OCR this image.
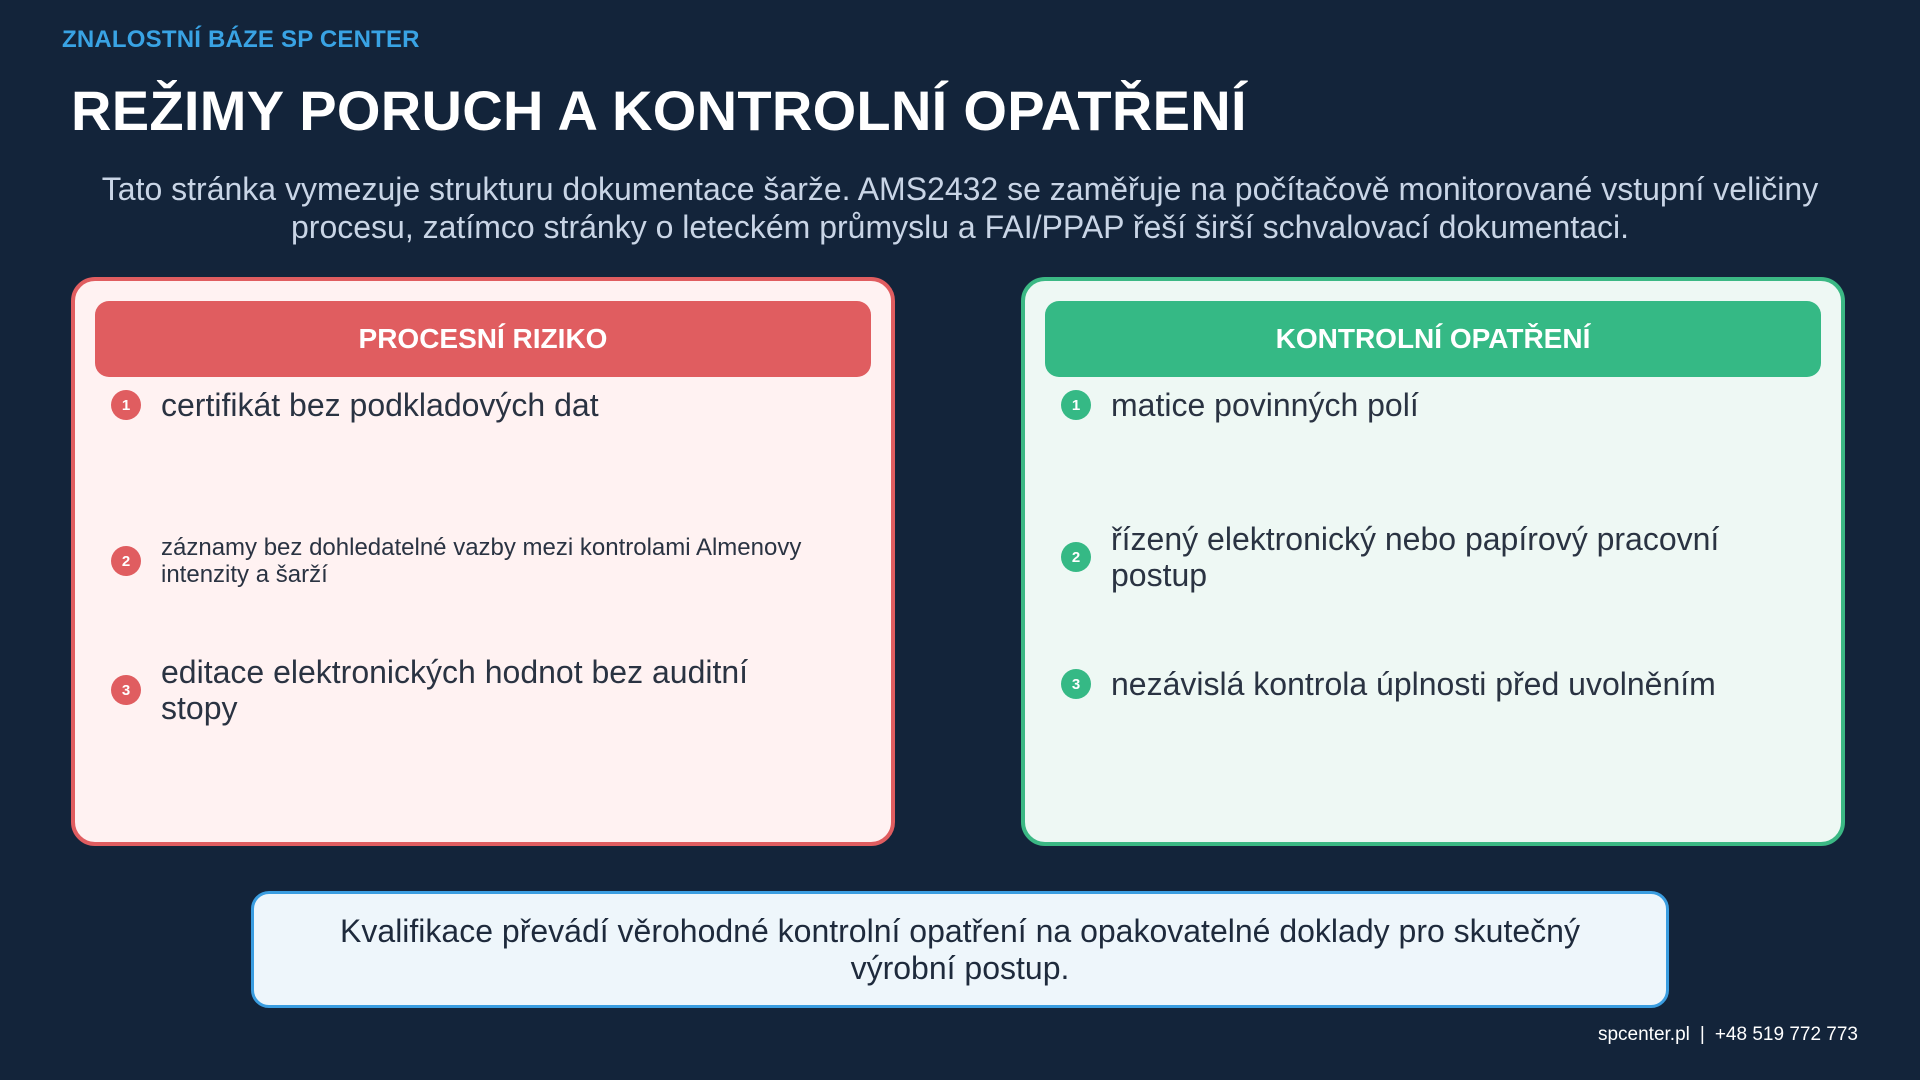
ZNALOSTNÍ BÁZE SP CENTER
REŽIMY PORUCH A KONTROLNÍ OPATŘENÍ
Tato stránka vymezuje strukturu dokumentace šarže. AMS2432 se zaměřuje na počítačově monitorované vstupní veličiny procesu, zatímco stránky o leteckém průmyslu a FAI/PPAP řeší širší schvalovací dokumentaci.
PROCESNÍ RIZIKO
1 certifikát bez podkladových dat
2	záznamy bez dohledatelné vazby mezi kontrolami Almenovy intenzity a šarží
3 editace elektronických hodnot bez auditní stopy
KONTROLNÍ OPATŘENÍ
1 matice povinných polí
2 řízený elektronický nebo papírový pracovní postup
3 nezávislá kontrola úplnosti před uvolněním
Kvalifikace převádí věrohodné kontrolní opatření na opakovatelné doklady pro skutečný výrobní postup.
spcenter.pl | +48 519 772 773
